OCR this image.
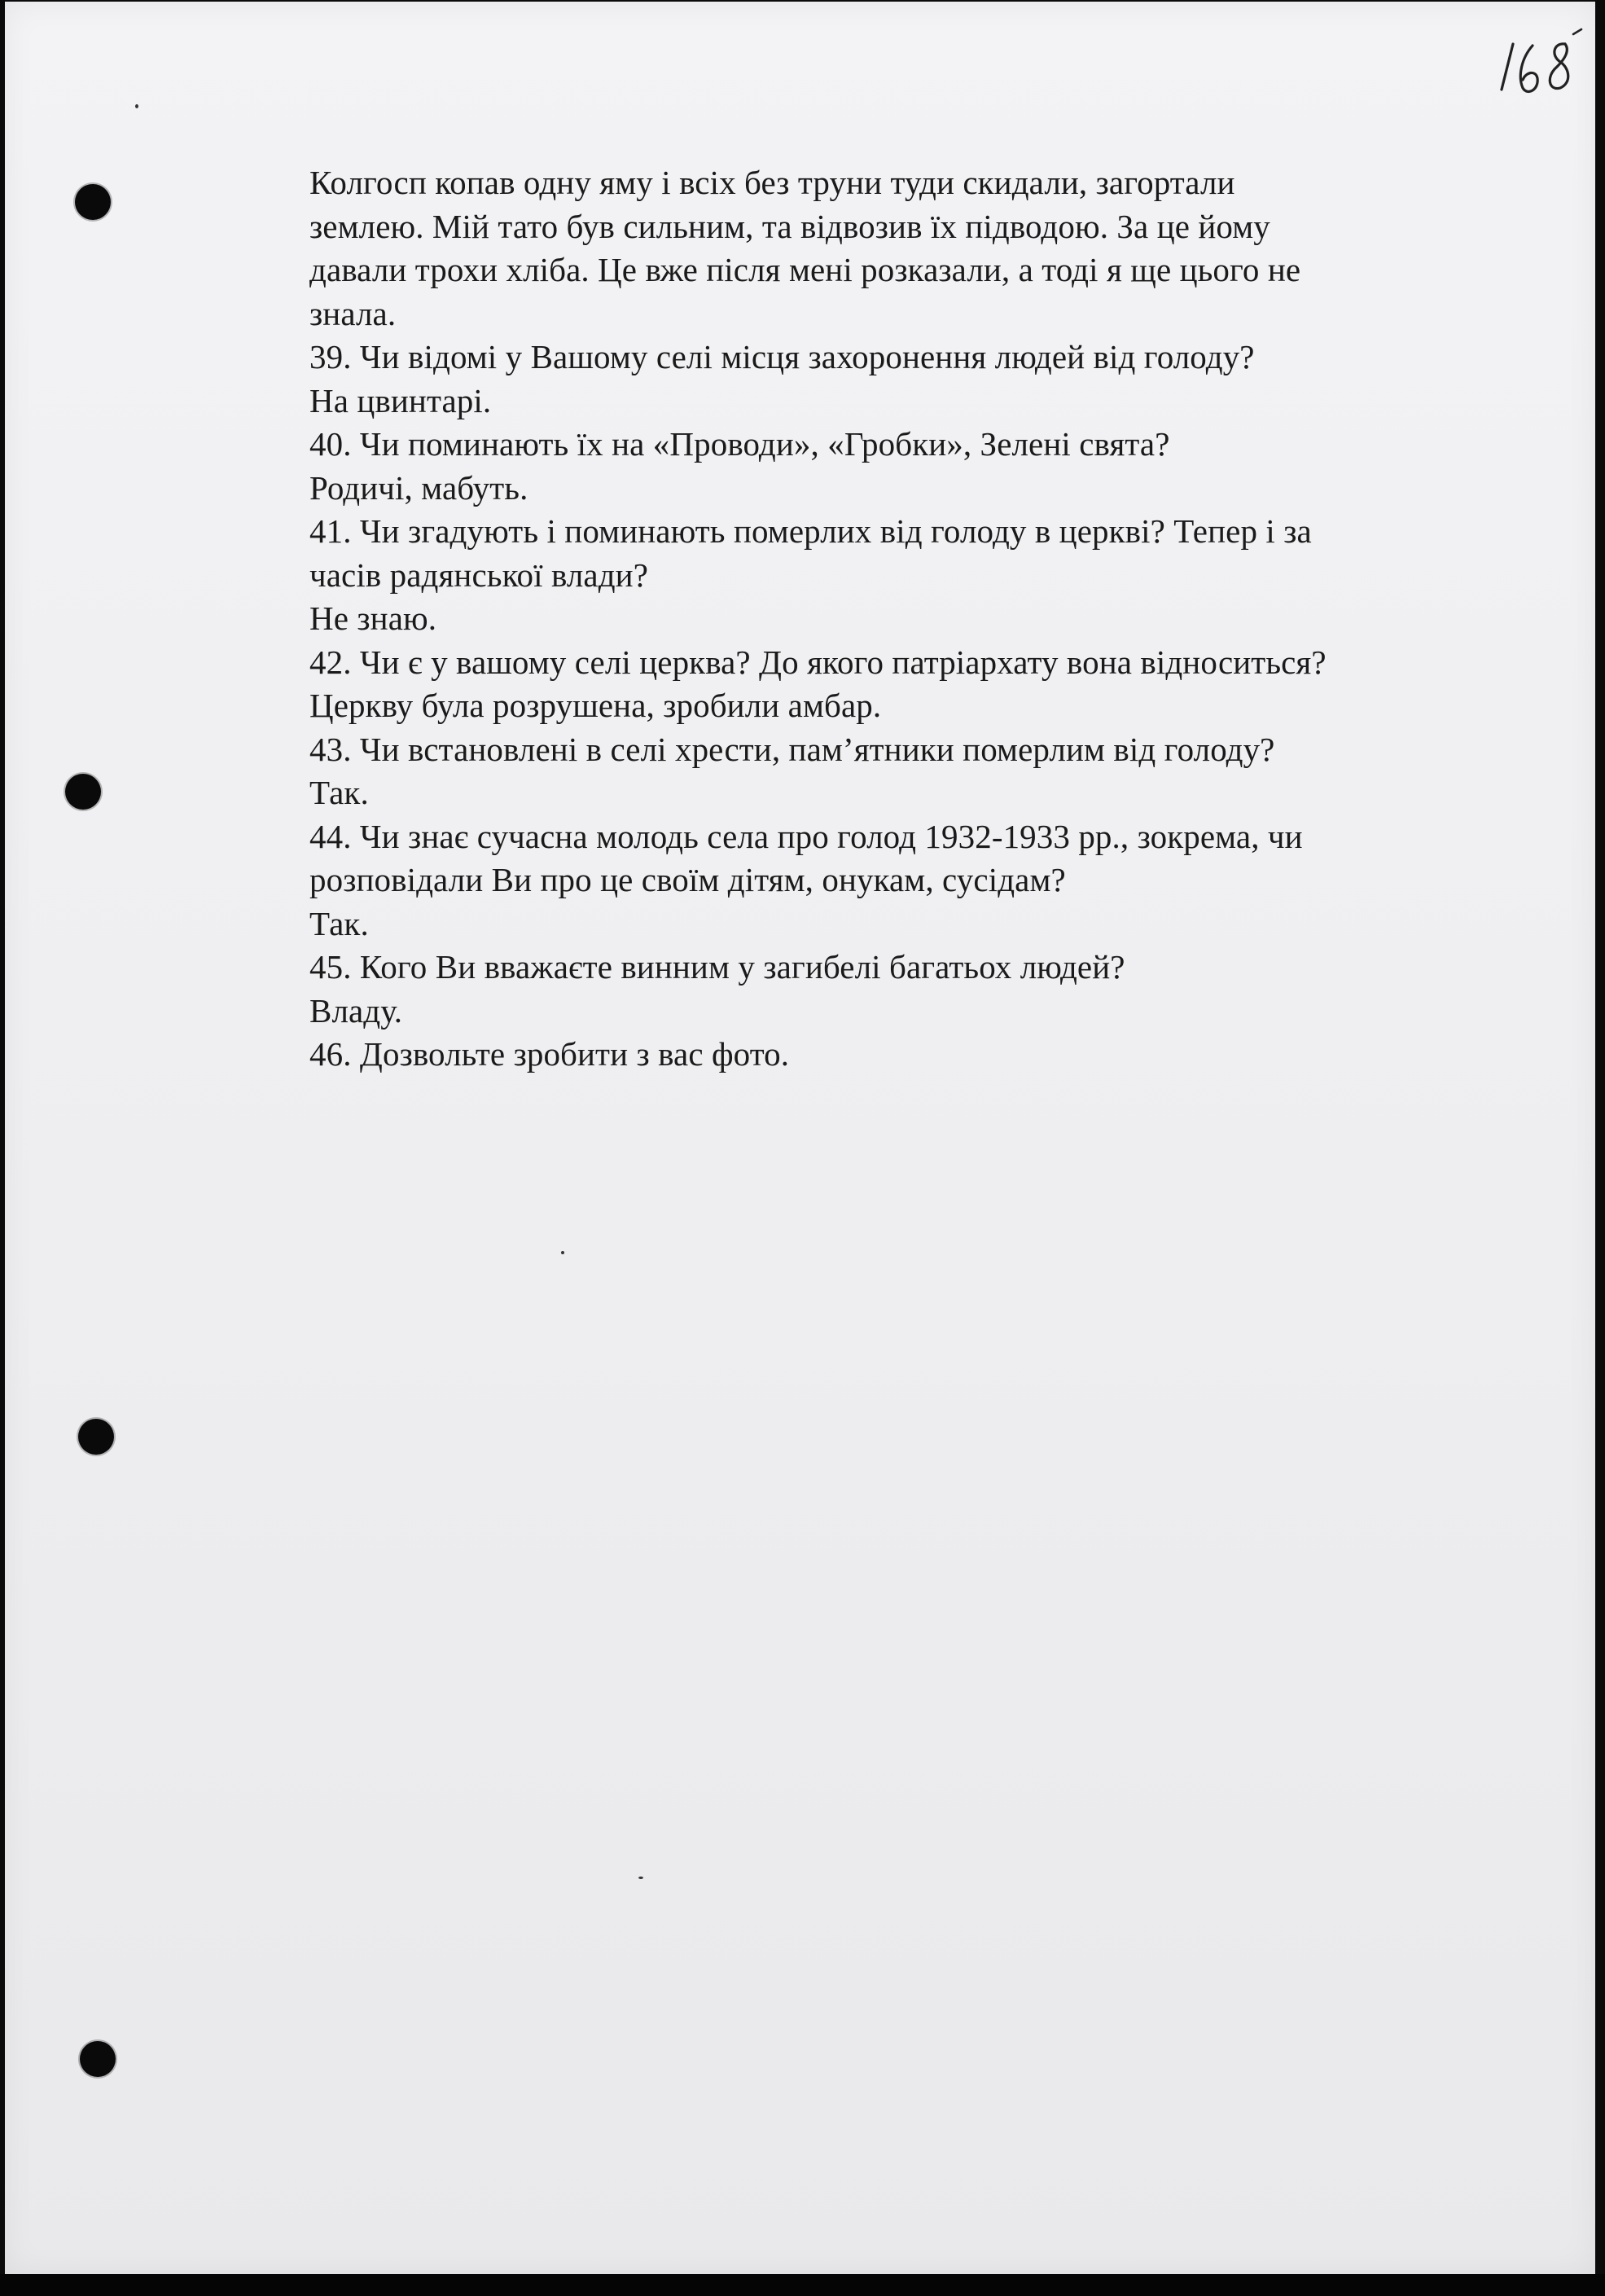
Колгосп копав одну яму і всіх без труни туди скидали, загортали
землею. Мій тато був сильним, та відвозив їх підводою. За це йому
давали трохи хліба. Це вже після мені розказали, а тоді я ще цього не
знала.
39. Чи відомі у Вашому селі місця захоронення людей від голоду?
На цвинтарі.
40. Чи поминають їх на «Проводи», «Гробки», Зелені свята?
Родичі, мабуть.
41. Чи згадують і поминають померлих від голоду в церкві? Тепер і за
часів радянської влади?
Не знаю.
42. Чи є у вашому селі церква? До якого патріархату вона відноситься?
Церкву була розрушена, зробили амбар.
43. Чи встановлені в селі хрести, пам’ятники померлим від голоду?
Так.
44. Чи знає сучасна молодь села про голод 1932-1933 рр., зокрема, чи
розповідали Ви про це своїм дітям, онукам, сусідам?
Так.
45. Кого Ви вважаєте винним у загибелі багатьох людей?
Владу.
46. Дозвольте зробити з вас фото.
